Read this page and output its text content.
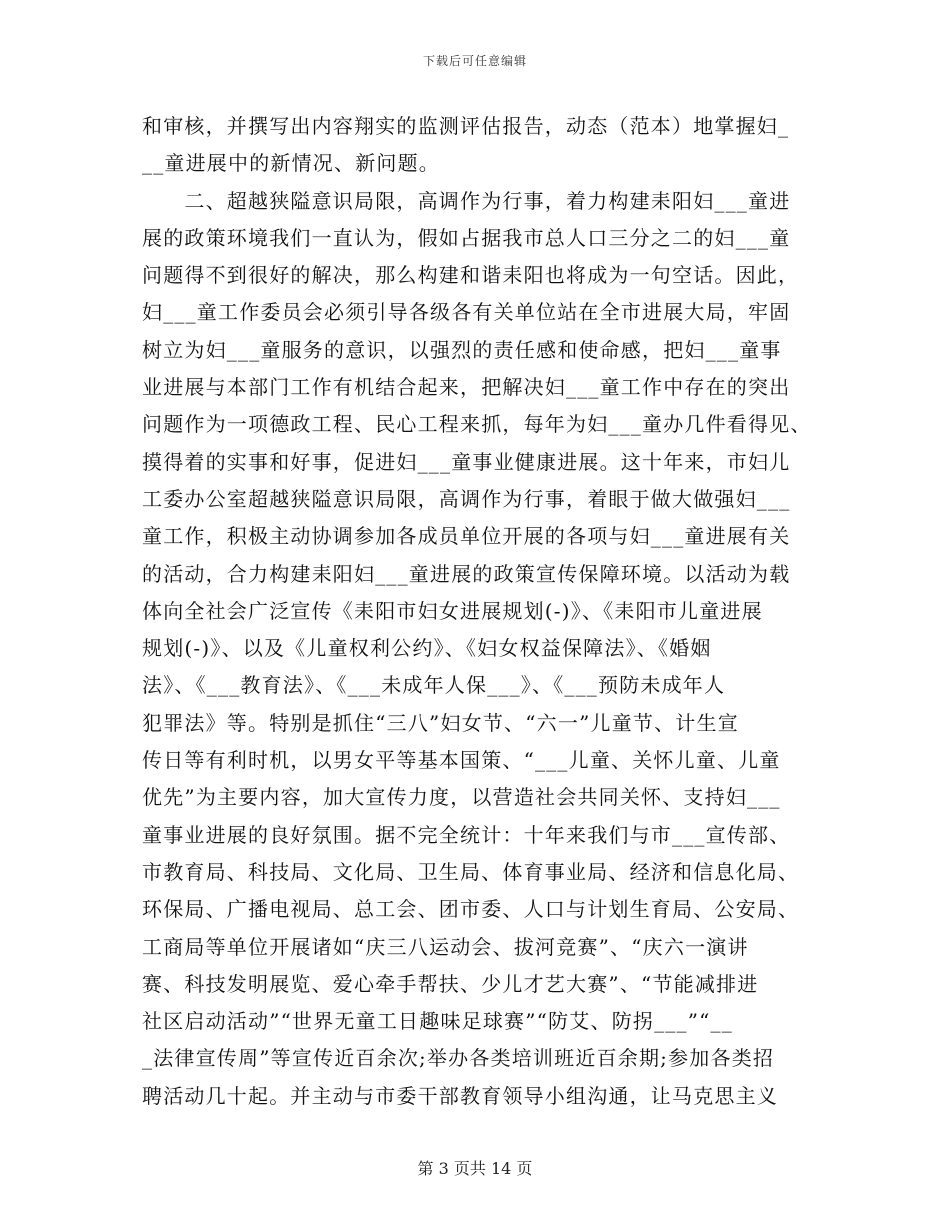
下载后可任意编辑
和审核，并撰写出内容翔实的监测评估报告，动态（范本）地掌握妇_
__童进展中的新情况、新问题。
　　二、超越狭隘意识局限，高调作为行事，着力构建耒阳妇___童进
展的政策环境我们一直认为，假如占据我市总人口三分之二的妇___童
问题得不到很好的解决，那么构建和谐耒阳也将成为一句空话。因此，
妇___童工作委员会必须引导各级各有关单位站在全市进展大局，牢固
树立为妇___童服务的意识，以强烈的责任感和使命感，把妇___童事
业进展与本部门工作有机结合起来，把解决妇___童工作中存在的突出
问题作为一项德政工程、民心工程来抓，每年为妇___童办几件看得见、
摸得着的实事和好事，促进妇___童事业健康进展。这十年来，市妇儿
工委办公室超越狭隘意识局限，高调作为行事，着眼于做大做强妇___
童工作，积极主动协调参加各成员单位开展的各项与妇___童进展有关
的活动，合力构建耒阳妇___童进展的政策宣传保障环境。以活动为载
体向全社会广泛宣传《耒阳市妇女进展规划(-)》、《耒阳市儿童进展
规划(-)》、以及《儿童权利公约》、《妇女权益保障法》、《婚姻
法》、《___教育法》、《___未成年人保___》、《___预防未成年人
犯罪法》等。特别是抓住“三八”妇女节、“六一”儿童节、计生宣
传日等有利时机，以男女平等基本国策、“___儿童、关怀儿童、儿童
优先”为主要内容，加大宣传力度，以营造社会共同关怀、支持妇___
童事业进展的良好氛围。据不完全统计：十年来我们与市___宣传部、
市教育局、科技局、文化局、卫生局、体育事业局、经济和信息化局、
环保局、广播电视局、总工会、团市委、人口与计划生育局、公安局、
工商局等单位开展诸如“庆三八运动会、拔河竞赛”、“庆六一演讲
赛、科技发明展览、爱心牵手帮扶、少儿才艺大赛”、“节能减排进
社区启动活动”“世界无童工日趣味足球赛”“防艾、防拐___”“__
_法律宣传周”等宣传近百余次;举办各类培训班近百余期;参加各类招
聘活动几十起。并主动与市委干部教育领导小组沟通，让马克思主义
第 3 页共 14 页
